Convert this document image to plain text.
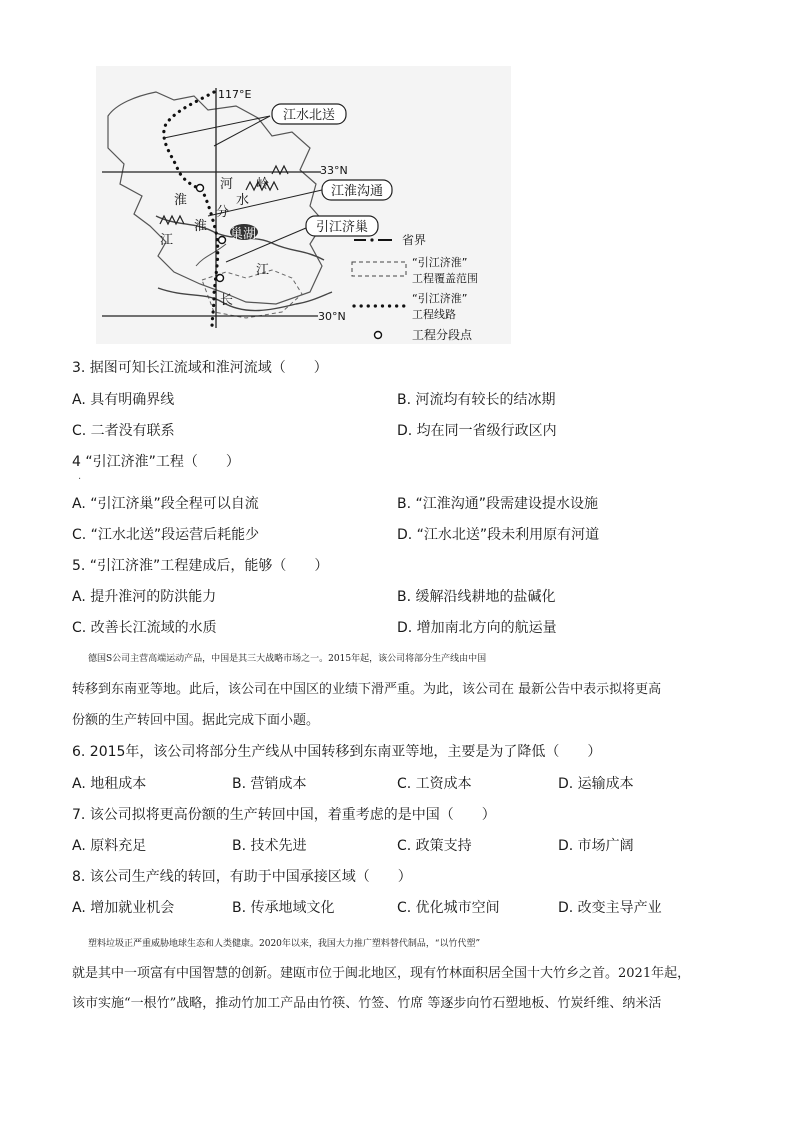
江水北送
江淮沟通
引江济巢
117°E
33°N
30°N
河 岭
淮	水
分
淮
江	巢湖
江
长
省界
“引江济淮”
工程覆盖范围
“引江济淮”
工程线路
工程分段点
3. 据图可知长江流域和淮河流域（　　）
A. 具有明确界线	B. 河流均有较长的结冰期
C. 二者没有联系	D. 均在同一省级行政区内
4 “引江济淮”工程（　　）
·
A. “引江济巢”段全程可以自流	B. “江淮沟通”段需建设提水设施
C. “江水北送”段运营后耗能少	D. “江水北送”段未利用原有河道
5. “引江济淮”工程建成后，能够（　　）
A. 提升淮河的防洪能力	B. 缓解沿线耕地的盐碱化
C. 改善长江流域的水质	D. 增加南北方向的航运量
德国S公司主营高端运动产品，中国是其三大战略市场之一。2015年起，该公司将部分生产线由中国
转移到东南亚等地。此后，该公司在中国区的业绩下滑严重。为此，该公司在 最新公告中表示拟将更高
份额的生产转回中国。据此完成下面小题。
6. 2015年，该公司将部分生产线从中国转移到东南亚等地，主要是为了降低（　　）
A. 地租成本	B. 营销成本	C. 工资成本	D. 运输成本
7. 该公司拟将更高份额的生产转回中国，着重考虑的是中国（　　）
A. 原料充足	B. 技术先进	C. 政策支持	D. 市场广阔
8. 该公司生产线的转回，有助于中国承接区域（　　）
A. 增加就业机会	B. 传承地域文化	C. 优化城市空间	D. 改变主导产业
塑料垃圾正严重威胁地球生态和人类健康。2020年以来，我国大力推广塑料替代制品，“以竹代塑”
就是其中一项富有中国智慧的创新。建瓯市位于闽北地区，现有竹林面积居全国十大竹乡之首。2021年起，
该市实施“一根竹”战略，推动竹加工产品由竹筷、竹签、竹席 等逐步向竹石塑地板、竹炭纤维、纳米活
